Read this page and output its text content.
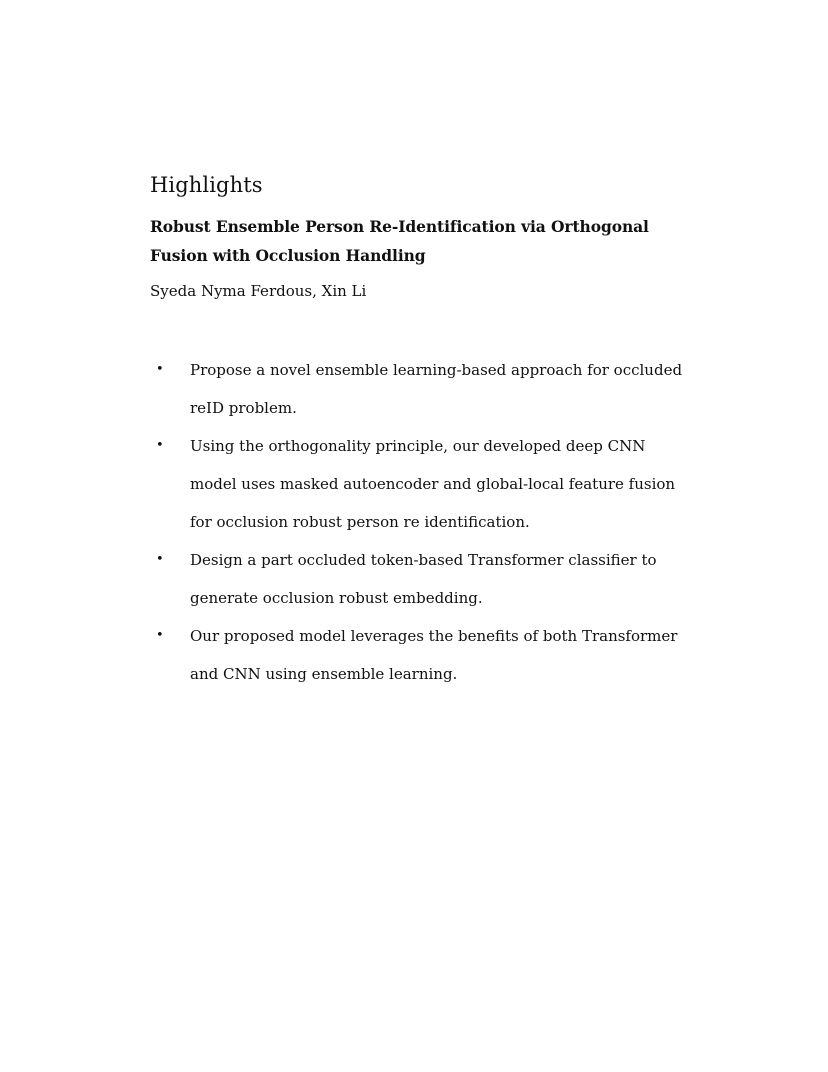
Highlights
Robust Ensemble Person Re-Identification via Orthogonal Fusion with Occlusion Handling
Syeda Nyma Ferdous, Xin Li
• Propose a novel ensemble learning-based approach for occluded reID problem.
• Using the orthogonality principle, our developed deep CNN model uses masked autoencoder and global-local feature fusion for occlusion robust person re identification.
• Design a part occluded token-based Transformer classifier to generate occlusion robust embedding.
• Our proposed model leverages the benefits of both Transformer and CNN using ensemble learning.
